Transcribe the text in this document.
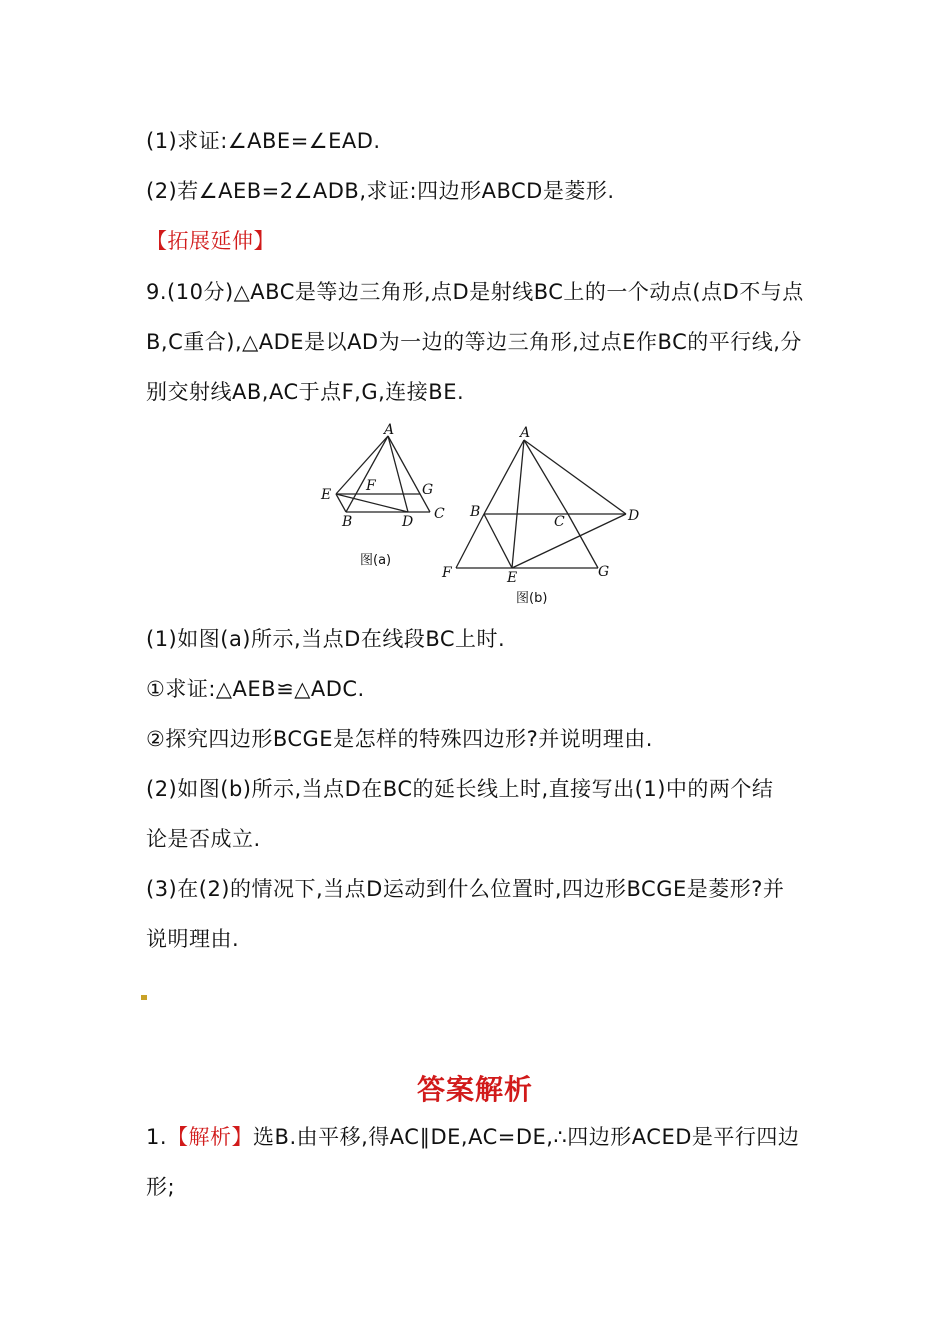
(1)求证:∠ABE=∠EAD.
(2)若∠AEB=2∠ADB,求证:四边形ABCD是菱形.
【拓展延伸】
9.(10分)△ABC是等边三角形,点D是射线BC上的一个动点(点D不与点
B,C重合),△ADE是以AD为一边的等边三角形,过点E作BC的平行线,分
别交射线AB,AC于点F,G,连接BE.
A
B	C
D
E
F	G
图(a)
A
B
C	D
E
F	G
图(b)
(1)如图(a)所示,当点D在线段BC上时.
①求证:△AEB≌△ADC.
②探究四边形BCGE是怎样的特殊四边形?并说明理由.
(2)如图(b)所示,当点D在BC的延长线上时,直接写出(1)中的两个结
论是否成立.
(3)在(2)的情况下,当点D运动到什么位置时,四边形BCGE是菱形?并
说明理由.
答案解析
1.【解析】选B.由平移,得AC∥DE,AC=DE,∴四边形ACED是平行四边
形;
